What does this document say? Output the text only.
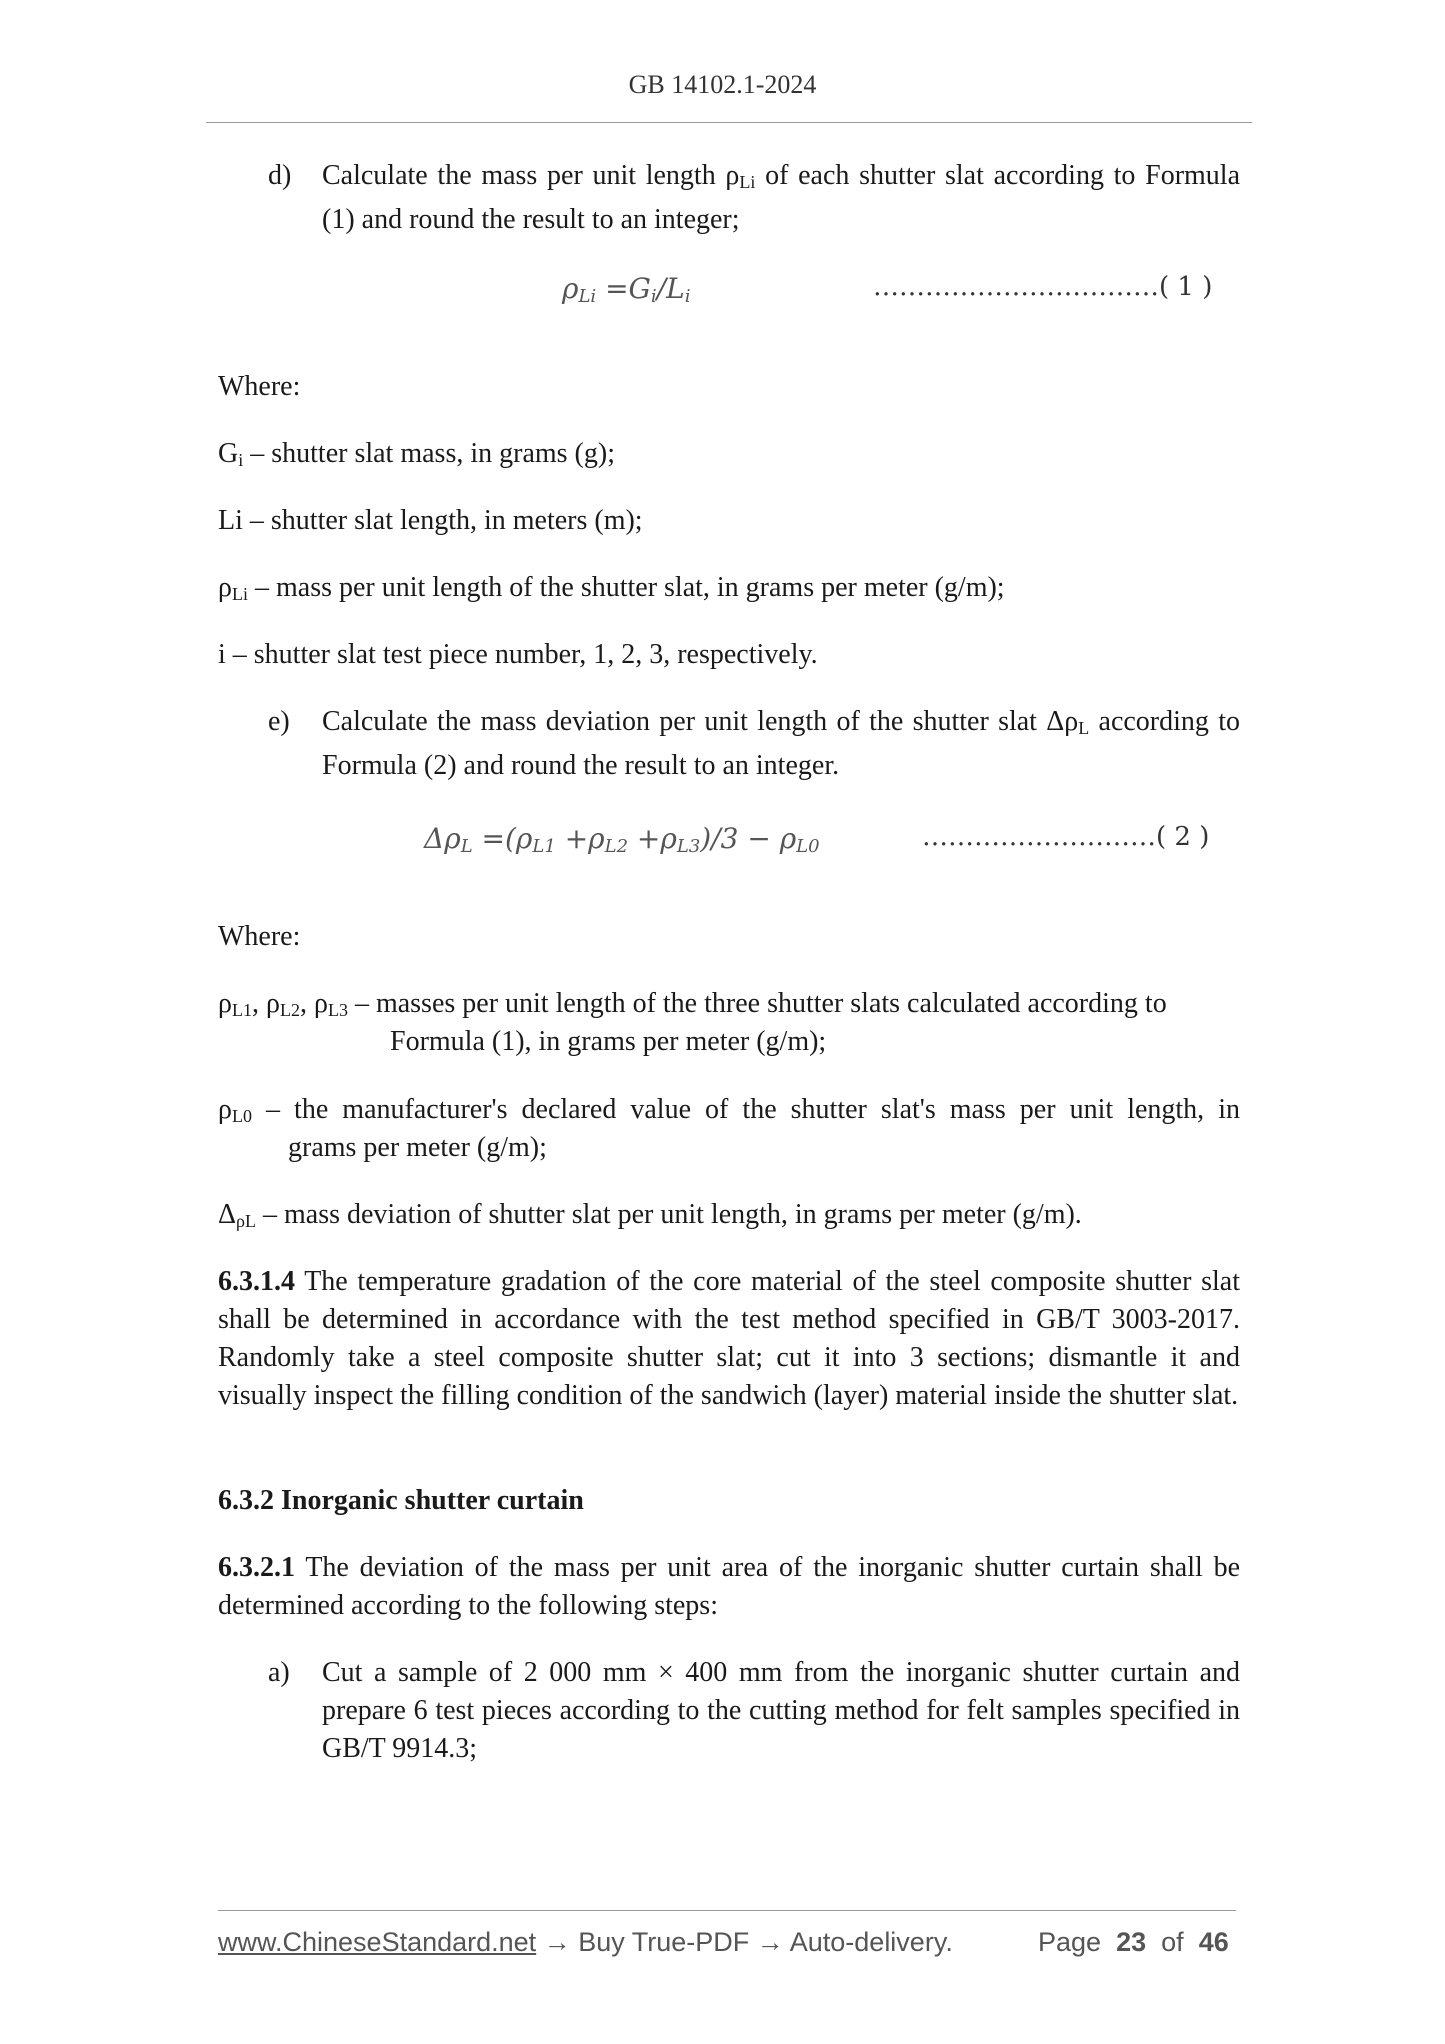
GB 14102.1-2024
d) Calculate the mass per unit length $\rho_{Li}$ of each shutter slat according to Formula (1) and round the result to an integer;
$\rho_{Li} =G_i/L_i$	……………………………( 1 )
Where:
$G_i$ – shutter slat mass, in grams (g);
Li – shutter slat length, in meters (m);
$\rho_{Li}$ – mass per unit length of the shutter slat, in grams per meter (g/m);
i – shutter slat test piece number, 1, 2, 3, respectively.
e) Calculate the mass deviation per unit length of the shutter slat $\Delta\rho_L$ according to Formula (2) and round the result to an integer.
$\Delta\rho_L =(\rho_{L1} +\rho_{L2} +\rho_{L3})/3 - \rho_{L0}$	………………………( 2 )
Where:
$\rho_{L1}$, $\rho_{L2}$, $\rho_{L3}$ – masses per unit length of the three shutter slats calculated according to
Formula (1), in grams per meter (g/m);
$\rho_{L0}$ – the manufacturer's declared value of the shutter slat's mass per unit length, in
grams per meter (g/m);
$\Delta_{\rho L}$ – mass deviation of shutter slat per unit length, in grams per meter (g/m).
6.3.1.4 The temperature gradation of the core material of the steel composite shutter slat shall be determined in accordance with the test method specified in GB/T 3003-2017. Randomly take a steel composite shutter slat; cut it into 3 sections; dismantle it and visually inspect the filling condition of the sandwich (layer) material inside the shutter slat.
6.3.2 Inorganic shutter curtain
6.3.2.1 The deviation of the mass per unit area of the inorganic shutter curtain shall be determined according to the following steps:
a) Cut a sample of 2 000 mm × 400 mm from the inorganic shutter curtain and prepare 6 test pieces according to the cutting method for felt samples specified in GB/T 9914.3;
www.ChineseStandard.net → Buy True-PDF → Auto-delivery.	Page 23 of 46
